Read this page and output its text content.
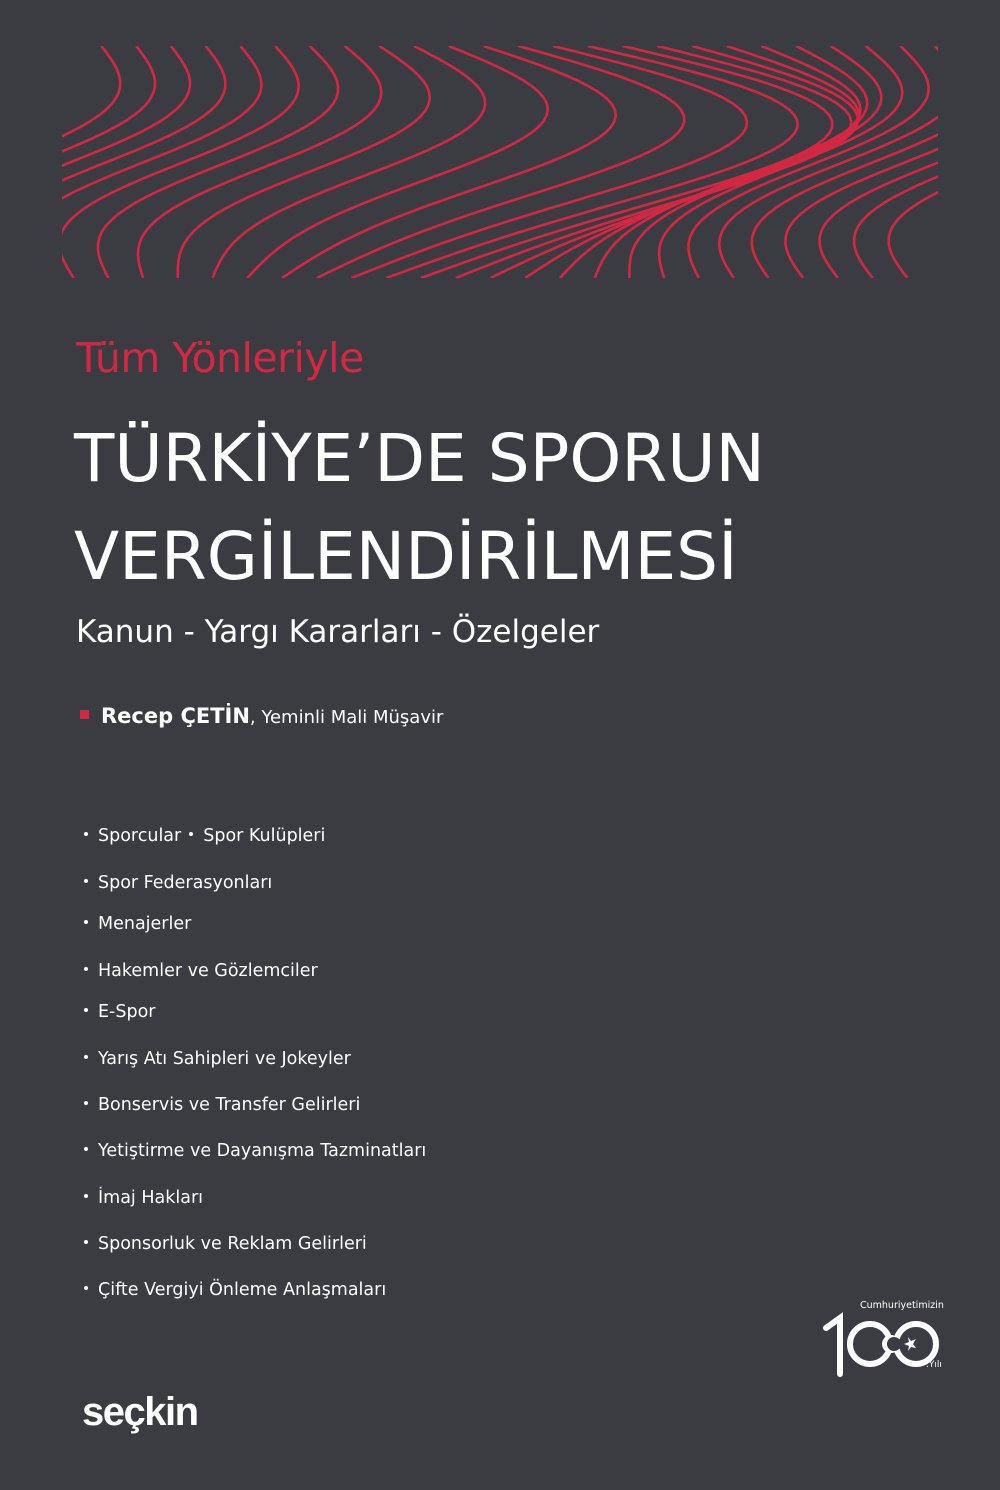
Tüm Yönleriyle
TÜRKİYE’DE SPORUN
VERGİLENDİRİLMESİ
Kanun - Yargı Kararları - Özelgeler
Recep ÇETİN, Yeminli Mali Müşavir
Sporcular Spor Kulüpleri
Spor Federasyonları
Menajerler
Hakemler ve Gözlemciler
E-Spor
Yarış Atı Sahipleri ve Jokeyler
Bonservis ve Transfer Gelirleri
Yetiştirme ve Dayanışma Tazminatları
İmaj Hakları
Sponsorluk ve Reklam Gelirleri
Çifte Vergiyi Önleme Anlaşmaları
Cumhuriyetimizin
.Yılı
seçkin
